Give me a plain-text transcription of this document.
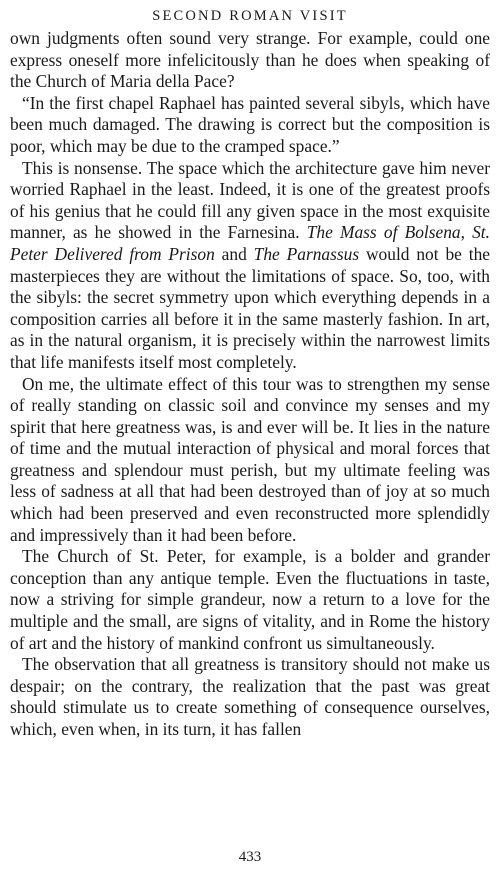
SECOND ROMAN VISIT

own judgments often sound very strange. For example, could one express oneself more infelicitously than he does when speaking of the Church of Maria della Pace?

“In the first chapel Raphael has painted several sibyls, which have been much damaged. The drawing is correct but the composition is poor, which may be due to the cramped space.”

This is nonsense. The space which the architecture gave him never worried Raphael in the least. Indeed, it is one of the greatest proofs of his genius that he could fill any given space in the most exquisite manner, as he showed in the Farnesina. The Mass of Bolsena, St. Peter Delivered from Prison and The Parnassus would not be the masterpieces they are without the limitations of space. So, too, with the sibyls: the secret symmetry upon which everything depends in a composition carries all before it in the same masterly fashion. In art, as in the natural organism, it is precisely within the narrowest limits that life manifests itself most completely.

On me, the ultimate effect of this tour was to strengthen my sense of really standing on classic soil and convince my senses and my spirit that here greatness was, is and ever will be. It lies in the nature of time and the mutual interaction of physical and moral forces that greatness and splendour must perish, but my ultimate feeling was less of sadness at all that had been destroyed than of joy at so much which had been preserved and even reconstructed more splendidly and impressively than it had been before.

The Church of St. Peter, for example, is a bolder and grander conception than any antique temple. Even the fluctuations in taste, now a striving for simple grandeur, now a return to a love for the multiple and the small, are signs of vitality, and in Rome the history of art and the history of mankind confront us simultaneously.

The observation that all greatness is transitory should not make us despair; on the contrary, the realization that the past was great should stimulate us to create something of consequence ourselves, which, even when, in its turn, it has fallen

433
